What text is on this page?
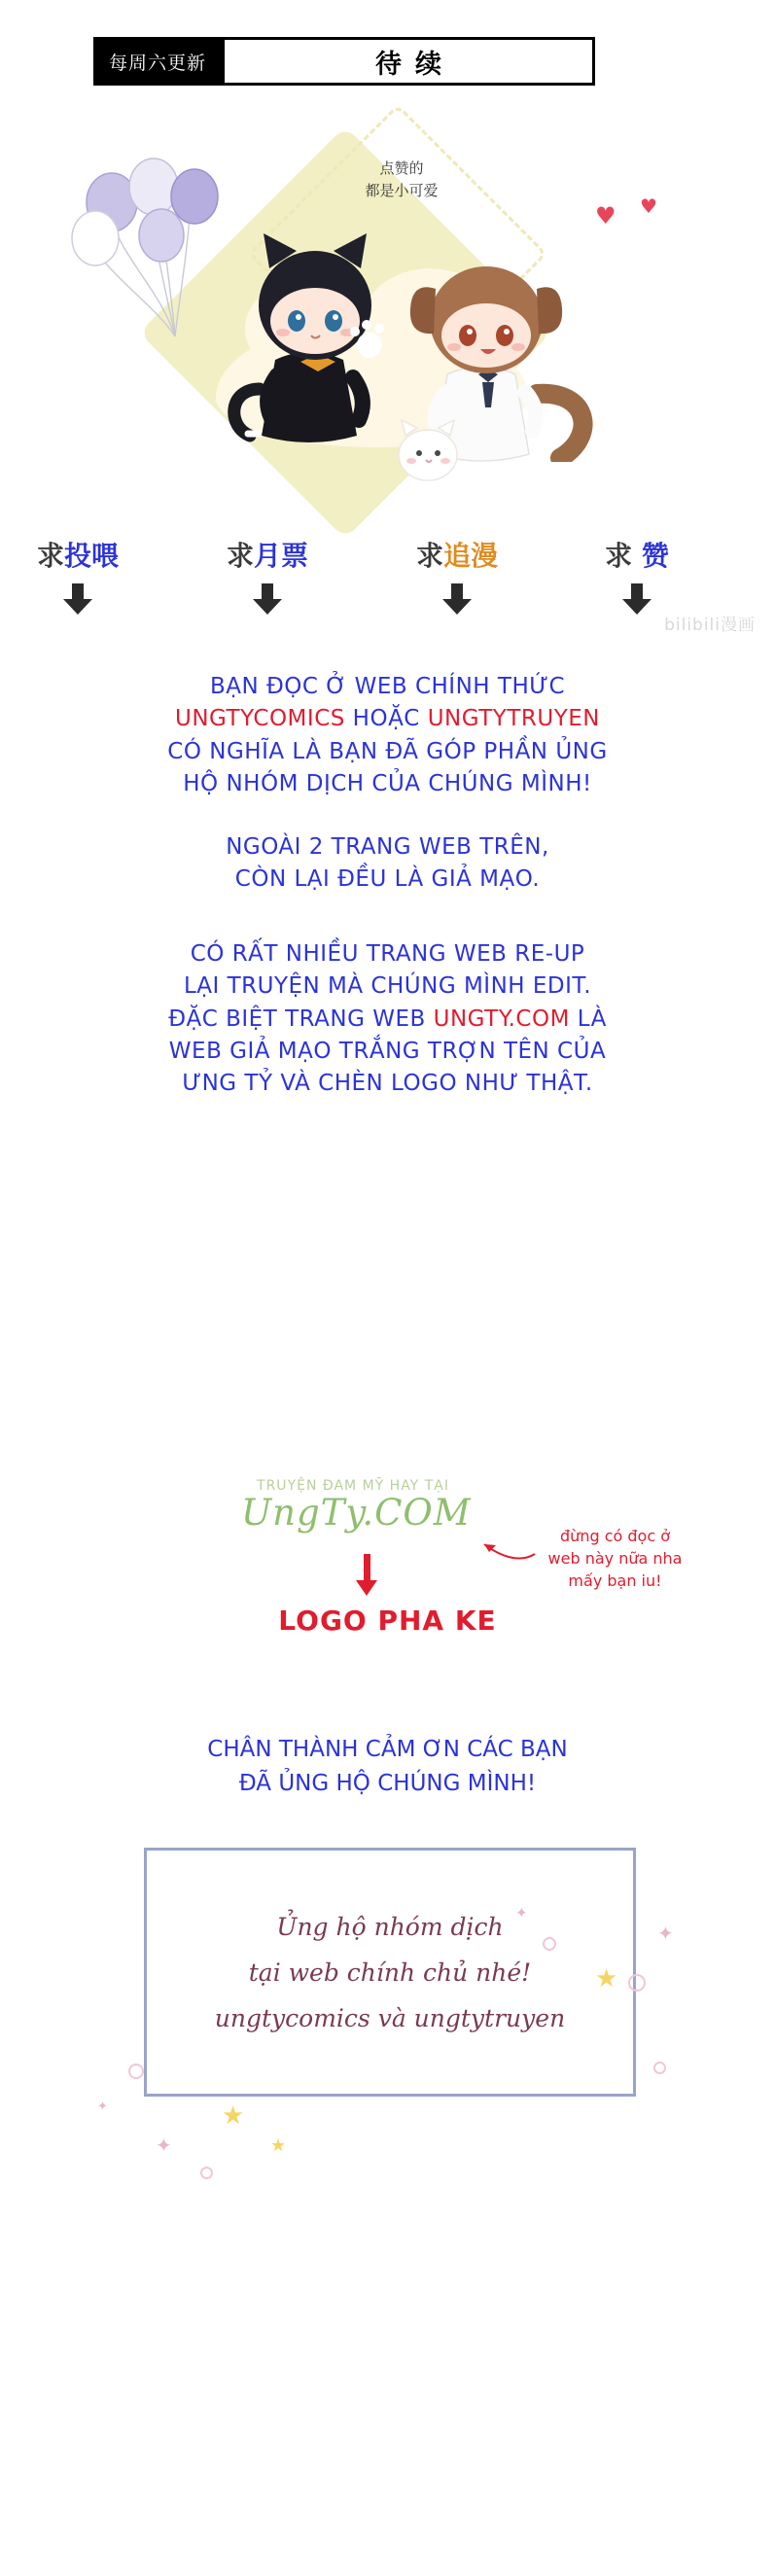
每周六更新	待续
点赞的
都是小可爱
♥ ♥
求投喂	求月票	求追漫	求 赞
bilibili漫画
BẠN ĐỌC Ở WEB CHÍNH THỨC
UNGTYCOMICS HOẶC UNGTYTRUYEN
CÓ NGHĨA LÀ BẠN ĐÃ GÓP PHẦN ỦNG
HỘ NHÓM DỊCH CỦA CHÚNG MÌNH!
NGOÀI 2 TRANG WEB TRÊN,
CÒN LẠI ĐỀU LÀ GIẢ MẠO.
CÓ RẤT NHIỀU TRANG WEB RE-UP
LẠI TRUYỆN MÀ CHÚNG MÌNH EDIT.
ĐẶC BIỆT TRANG WEB UNGTY.COM LÀ
WEB GIẢ MẠO TRẮNG TRỢN TÊN CỦA
ƯNG TỶ VÀ CHÈN LOGO NHƯ THẬT.
TRUYỆN ĐAM MỸ HAY TẠI
UngTy.COM
đừng có đọc ở
web này nữa nha
mấy bạn iu!
LOGO PHA KE
CHÂN THÀNH CẢM ƠN CÁC BẠN
ĐÃ ỦNG HỘ CHÚNG MÌNH!
Ủng hộ nhóm dịch
tại web chính chủ nhé!
ungtycomics và ungtytruyen
★
★
★
✦
✦
✦
✦
